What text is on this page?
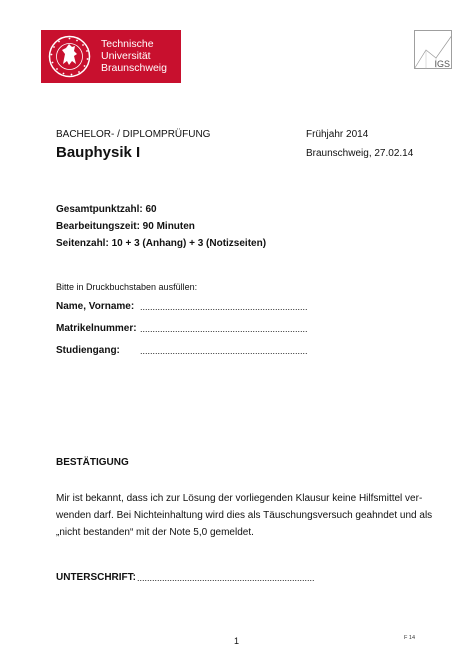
Technische
Universität
Braunschweig	IGS
BACHELOR- / DIPLOMPRÜFUNG	Frühjahr 2014
Bauphysik I	Braunschweig, 27.02.14
Gesamtpunktzahl: 60
Bearbeitungszeit: 90 Minuten
Seitenzahl: 10 + 3 (Anhang) + 3 (Notizseiten)
Bitte in Druckbuchstaben ausfüllen:
Name, Vorname: ...................................................................
Matrikelnummer: ...................................................................
Studiengang: ...................................................................
BESTÄTIGUNG
Mir ist bekannt, dass ich zur Lösung der vorliegenden Klausur keine Hilfsmittel ver-
wenden darf. Bei Nichteinhaltung wird dies als Täuschungsversuch geahndet und als
„nicht bestanden“ mit der Note 5,0 gemeldet.
UNTERSCHRIFT: .......................................................................
1	F 14
